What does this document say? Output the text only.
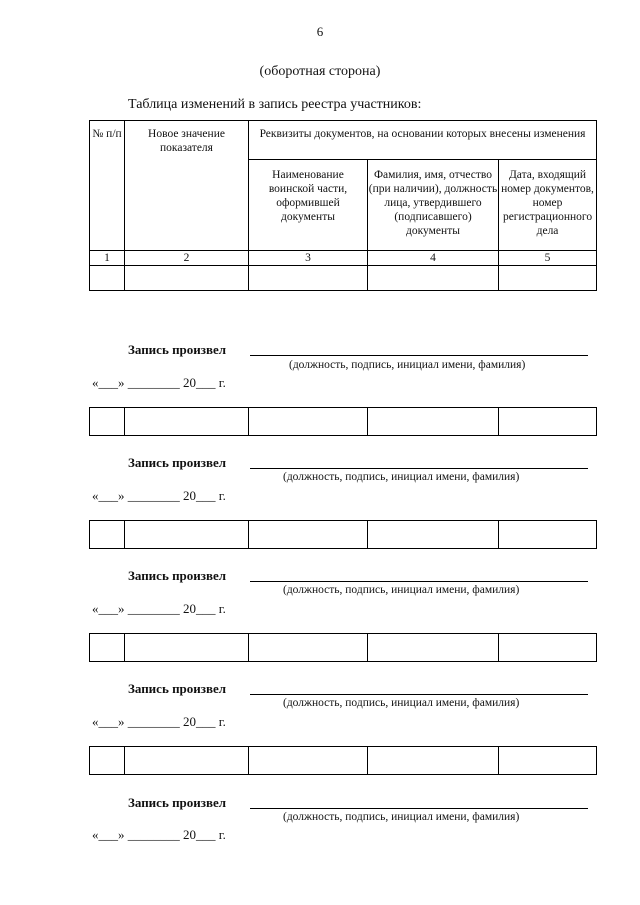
6
(оборотная сторона)
Таблица изменений в запись реестра участников:
№ п/п	Новое значение показателя	Реквизиты документов, на основании которых внесены изменения		
		Наименование воинской части, оформившей документы	Фамилия, имя, отчество (при наличии), должность лица, утвердившего (подписавшего) документы	Дата, входящий номер документов, номер регистрационного дела
1	2	3	4	5

Запись произвел
(должность, подпись, инициал имени, фамилия)
«___» ________ 20___ г.

Запись произвел
(должность, подпись, инициал имени, фамилия)
«___» ________ 20___ г.

Запись произвел
(должность, подпись, инициал имени, фамилия)
«___» ________ 20___ г.

Запись произвел
(должность, подпись, инициал имени, фамилия)
«___» ________ 20___ г.

Запись произвел
(должность, подпись, инициал имени, фамилия)
«___» ________ 20___ г.
